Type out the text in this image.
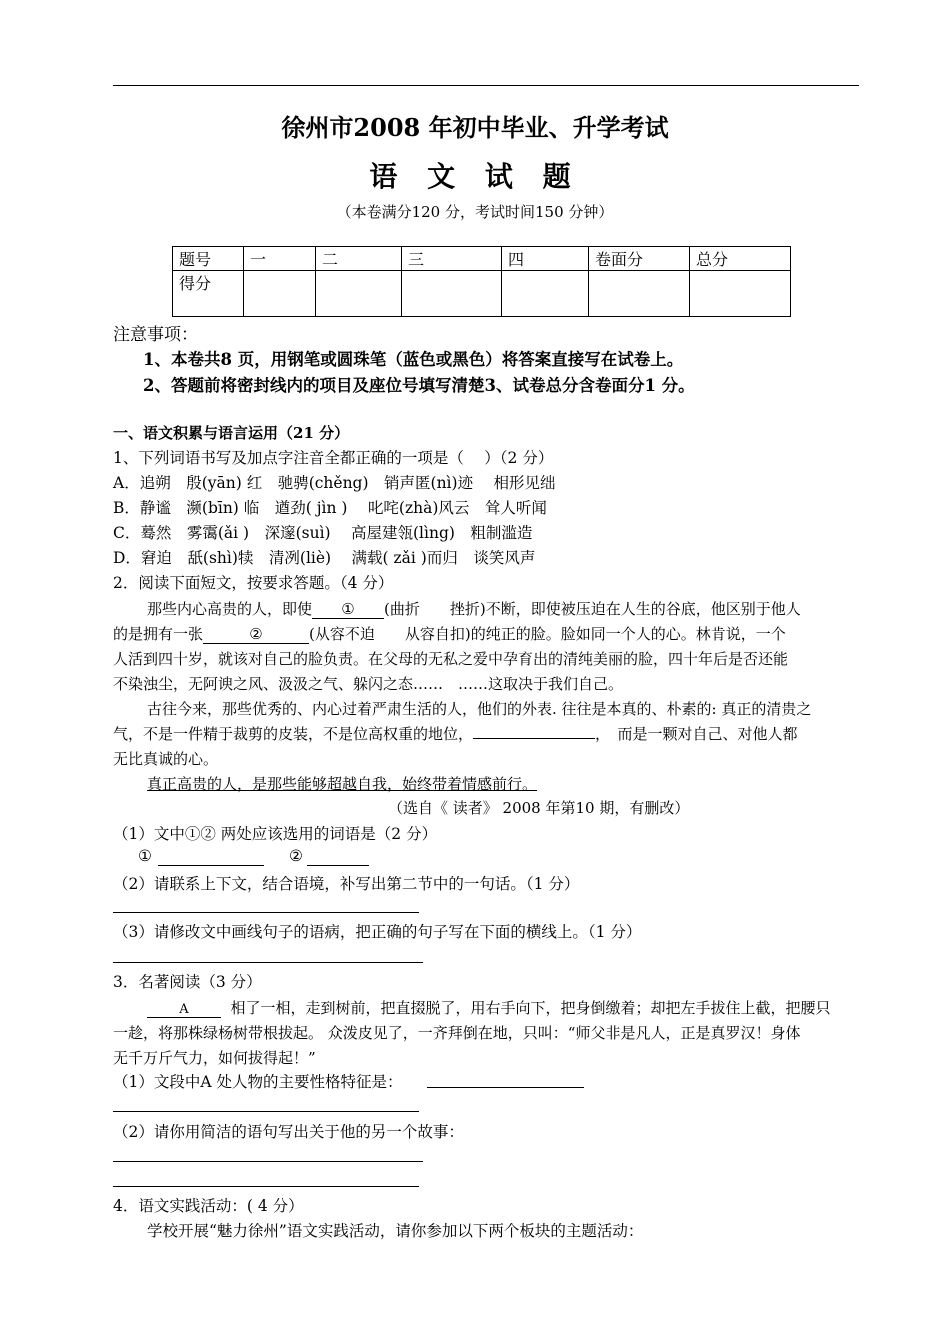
徐州市2008 年初中毕业、升学考试
语 文 试 题
（本卷满分120 分，考试时间150 分钟）
题号	一	二	三	四	卷面分	总分
得分						
注意事项：
1、本卷共8 页，用钢笔或圆珠笔（蓝色或黑色）将答案直接写在试卷上。
2、答题前将密封线内的项目及座位号填写清楚3、试卷总分含卷面分1 分。
一、语文积累与语言运用（21 分）
1、下列词语书写及加点字注音全都正确的一项是（　 ）（2 分）
A．追朔　殷(yān) 红　驰骋(chěng)　销声匿(nì)迹　 相形见绌
B．静谧　濒(bīn) 临　遒劲( jìn )　 叱咤(zhà)风云　耸人听闻
C．蓦然　雾霭(ǎi )　深邃(suì)　 高屋建瓴(lìng)　粗制滥造
D．窘迫　舐(shì)犊　清冽(liè)　 满载( zǎi )而归　谈笑风声
2．阅读下面短文，按要求答题。（4 分）
那些内心高贵的人，即使 ① (曲折　　挫折)不断，即使被压迫在人生的谷底，他区别于他人
的是拥有一张	②	(从容不迫　　从容自扣)的纯正的脸。脸如同一个人的心。林肯说，一个
人活到四十岁，就该对自己的脸负责。在父母的无私之爱中孕育出的清纯美丽的脸，四十年后是否还能
不染浊尘，无阿谀之风、汲汲之气、躲闪之态……　……这取决于我们自己。
古往今来，那些优秀的、内心过着严肃生活的人，他们的外表. 往往是本真的、朴素的: 真正的清贵之
气，不是一件精于裁剪的皮装，不是位高权重的地位，	，　而是一颗对自己、对他人都
无比真诚的心。
真正高贵的人，是那些能够超越自我，始终带着情感前行。
（选自《 读者》 2008 年第10 期，有删改）
（1）文中①② 两处应该选用的词语是（2 分）
①	②
（2）请联系上下文，结合语境，补写出第二节中的一句话。（1 分）
（3）请修改文中画线句子的语病，把正确的句子写在下面的横线上。（1 分）
3．名著阅读（3 分）
A	相了一相，走到树前，把直掇脱了，用右手向下，把身倒缴着；却把左手拔住上截，把腰只
一趁，将那株绿杨树带根拔起。 众泼皮见了，一齐拜倒在地，只叫：“师父非是凡人，正是真罗汉！身体
无千万斤气力，如何拔得起！”
（1）文段中A 处人物的主要性格特征是：
（2）请你用简洁的语句写出关于他的另一个故事：
4．语文实践活动：( 4 分）
学校开展“魅力徐州”语文实践活动，请你参加以下两个板块的主题活动：
